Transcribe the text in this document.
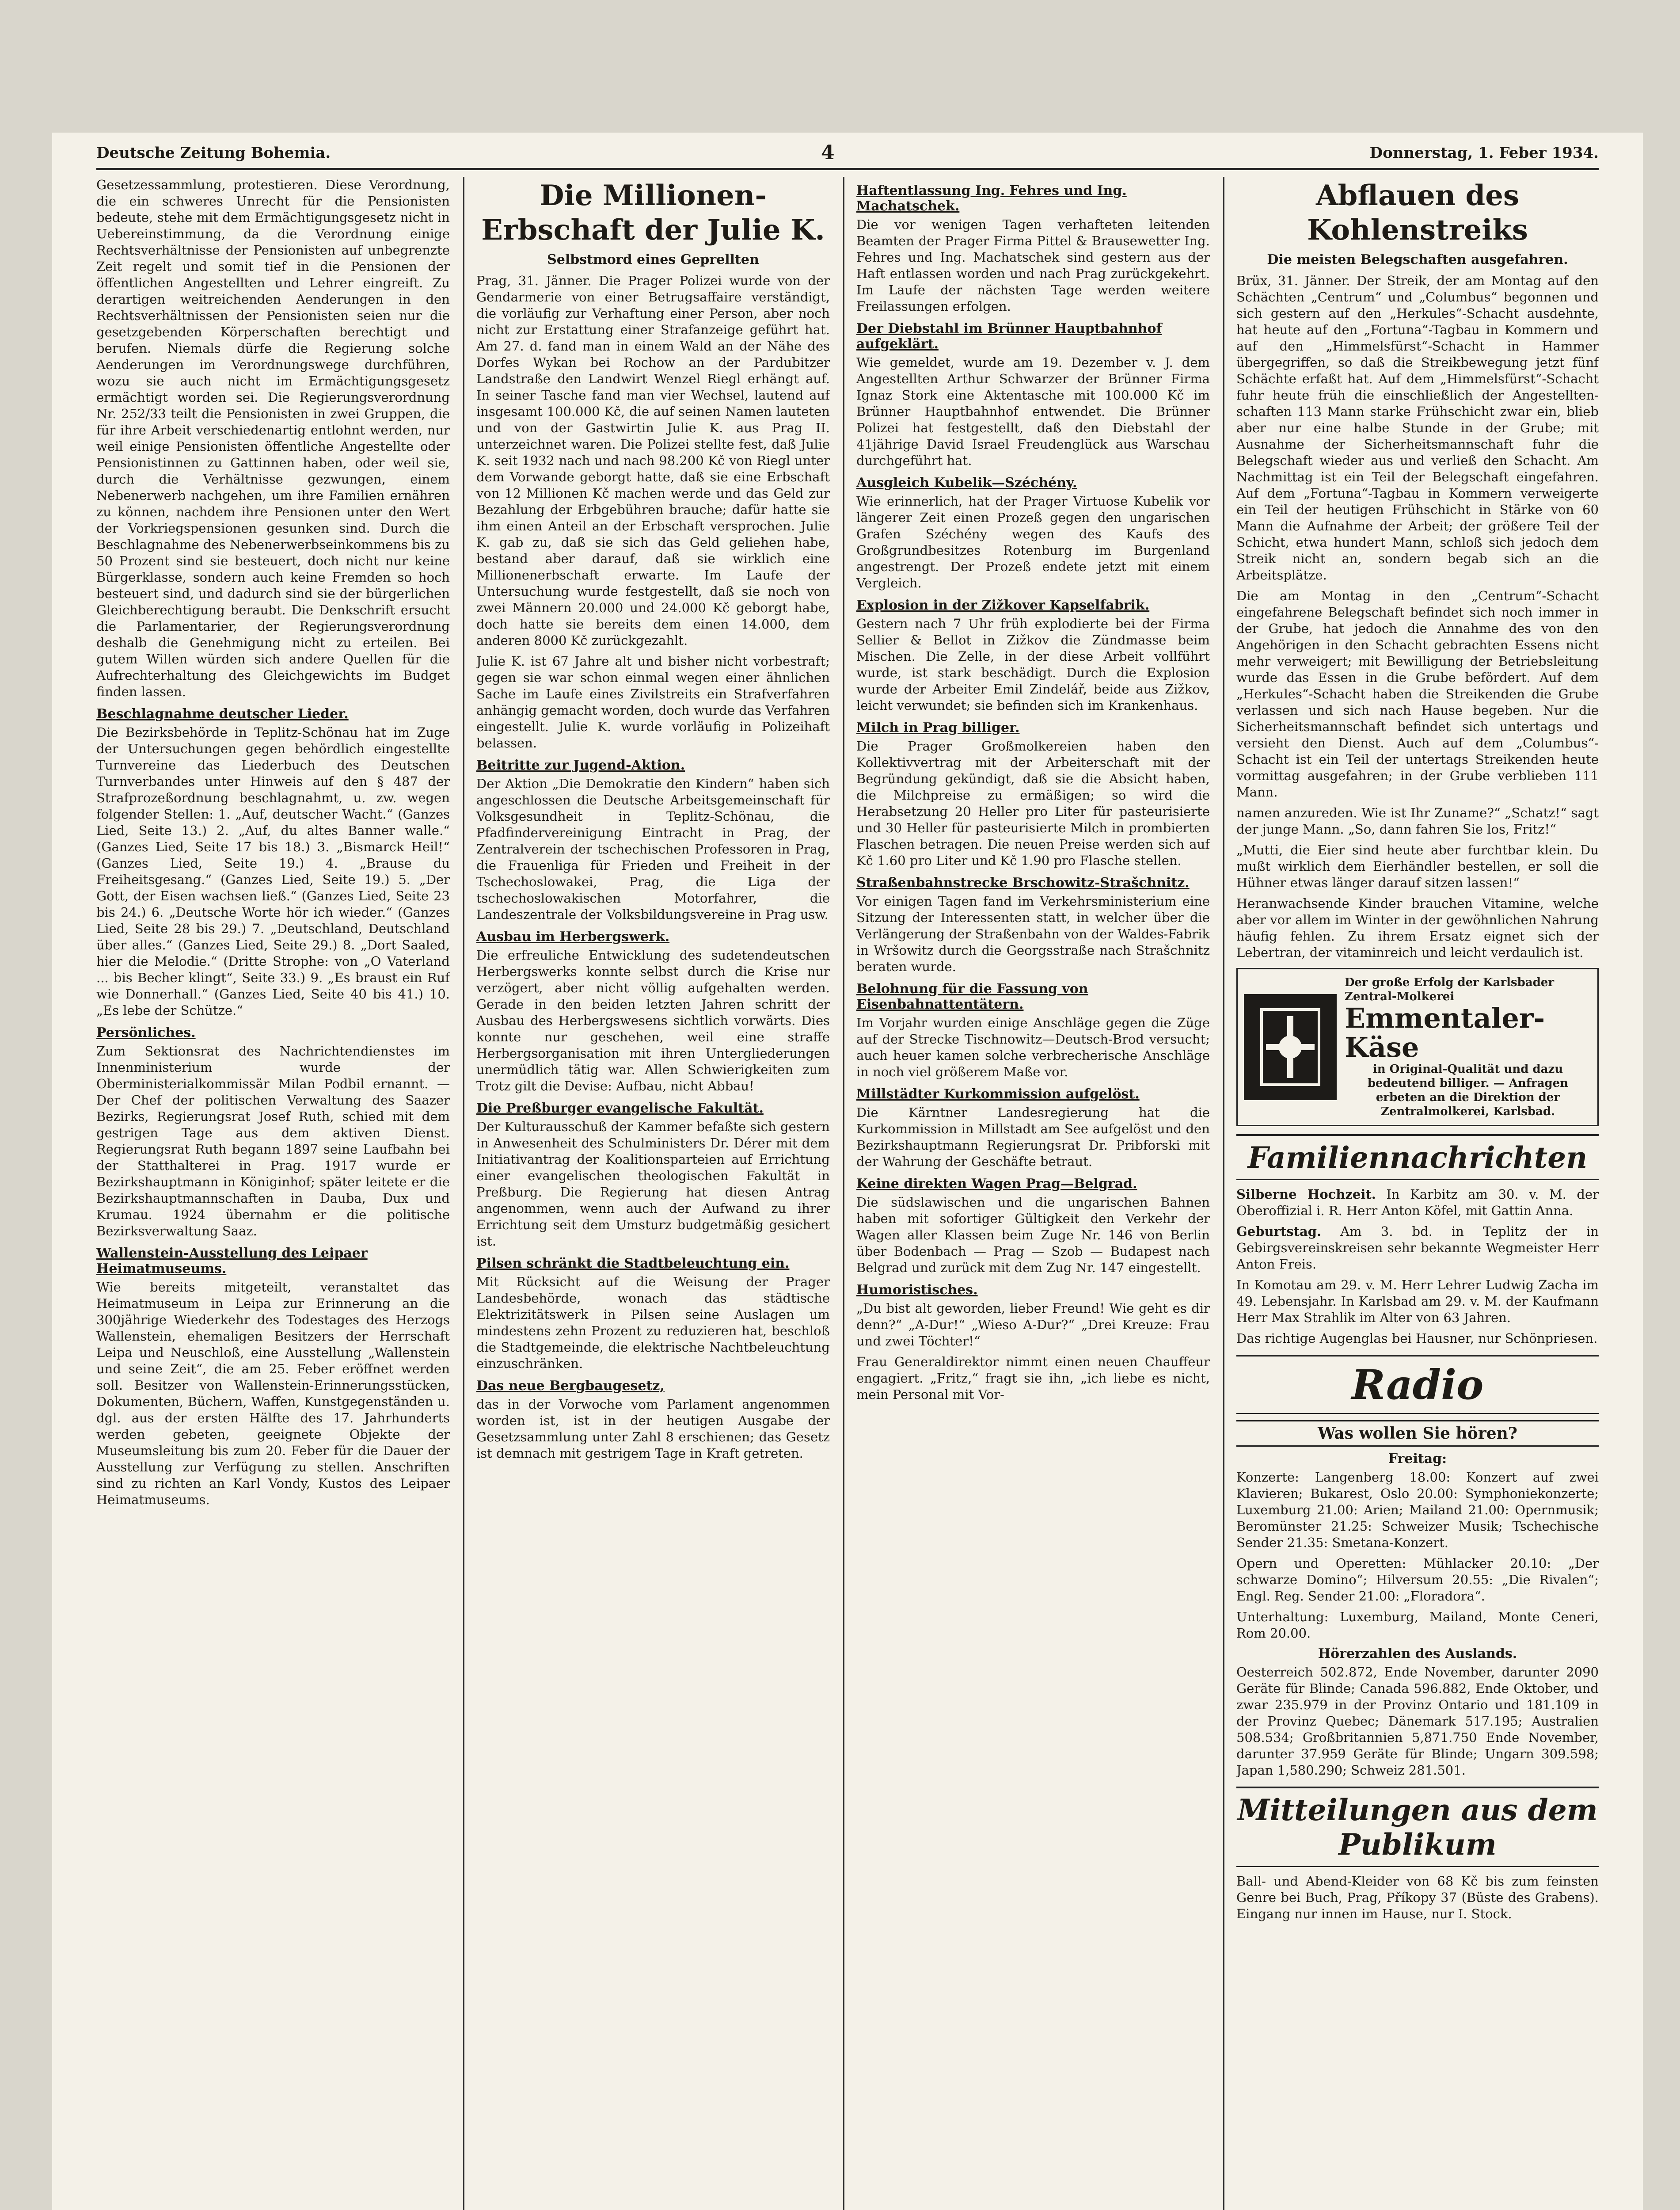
Deutsche Zeitung Bohemia.	4	Donnerstag, 1. Feber 1934.

Gesetzessammlung, protestieren. Diese Verordnung, die ein schweres Unrecht für die Pensionisten bedeute, stehe mit dem Ermächtigungsgesetz nicht in Uebereinstimmung, da die Verordnung einige Rechtsverhältnisse der Pensionisten auf unbegrenzte Zeit regelt und somit tief in die Pensionen der öffentlichen Angestellten und Lehrer eingreift. Zu derartigen weitreichenden Aenderungen in den Rechtsverhältnissen der Pensionisten seien nur die gesetzgebenden Körperschaften berechtigt und berufen. Niemals dürfe die Regierung solche Aenderungen im Verordnungswege durchführen, wozu sie auch nicht im Ermächtigungsgesetz ermächtigt worden sei. Die Regierungsverordnung Nr. 252/33 teilt die Pensionisten in zwei Gruppen, die für ihre Arbeit verschiedenartig entlohnt werden, nur weil einige Pensionisten öffentliche Angestellte oder Pensionistinnen zu Gattinnen haben, oder weil sie, durch die Verhältnisse gezwungen, einem Nebenerwerb nachgehen, um ihre Familien ernähren zu können, nachdem ihre Pensionen unter den Wert der Vorkriegspensionen gesunken sind. Durch die Beschlagnahme des Nebenerwerbseinkommens bis zu 50 Prozent sind sie besteuert, doch nicht nur keine Bürgerklasse, sondern auch keine Fremden so hoch besteuert sind, und dadurch sind sie der bürgerlichen Gleichberechtigung beraubt. Die Denkschrift ersucht die Parlamentarier, der Regierungsverordnung deshalb die Genehmigung nicht zu erteilen. Bei gutem Willen würden sich andere Quellen für die Aufrechterhaltung des Gleichgewichts im Budget finden lassen.

Beschlagnahme deutscher Lieder.

Die Bezirksbehörde in Teplitz-Schönau hat im Zuge der Untersuchungen gegen behördlich eingestellte Turnvereine das Liederbuch des Deutschen Turnverbandes unter Hinweis auf den § 487 der Strafprozeßordnung beschlagnahmt, u. zw. wegen folgender Stellen: 1. „Auf, deutscher Wacht.“ (Ganzes Lied, Seite 13.) 2. „Auf, du altes Banner walle.“ (Ganzes Lied, Seite 17 bis 18.) 3. „Bismarck Heil!“ (Ganzes Lied, Seite 19.) 4. „Brause du Freiheitsgesang.“ (Ganzes Lied, Seite 19.) 5. „Der Gott, der Eisen wachsen ließ.“ (Ganzes Lied, Seite 23 bis 24.) 6. „Deutsche Worte hör ich wieder.“ (Ganzes Lied, Seite 28 bis 29.) 7. „Deutschland, Deutschland über alles.“ (Ganzes Lied, Seite 29.) 8. „Dort Saaled, hier die Melodie.“ (Dritte Strophe: von „O Vaterland ... bis Becher klingt“, Seite 33.) 9. „Es braust ein Ruf wie Donnerhall.“ (Ganzes Lied, Seite 40 bis 41.) 10. „Es lebe der Schütze.“

Persönliches.

Zum Sektionsrat des Nachrichtendienstes im Innenministerium wurde der Oberministerialkommissär Milan Podbil ernannt. — Der Chef der politischen Verwaltung des Saazer Bezirks, Regierungsrat Josef Ruth, schied mit dem gestrigen Tage aus dem aktiven Dienst. Regierungsrat Ruth begann 1897 seine Laufbahn bei der Statthalterei in Prag. 1917 wurde er Bezirkshauptmann in Königinhof; später leitete er die Bezirkshauptmannschaften in Dauba, Dux und Krumau. 1924 übernahm er die politische Bezirksverwaltung Saaz.

Wallenstein-Ausstellung des Leipaer Heimatmuseums.

Wie bereits mitgeteilt, veranstaltet das Heimatmuseum in Leipa zur Erinnerung an die 300jährige Wiederkehr des Todestages des Herzogs Wallenstein, ehemaligen Besitzers der Herrschaft Leipa und Neuschloß, eine Ausstellung „Wallenstein und seine Zeit“, die am 25. Feber eröffnet werden soll. Besitzer von Wallenstein-Erinnerungsstücken, Dokumenten, Büchern, Waffen, Kunstgegenständen u. dgl. aus der ersten Hälfte des 17. Jahrhunderts werden gebeten, geeignete Objekte der Museumsleitung bis zum 20. Feber für die Dauer der Ausstellung zur Verfügung zu stellen. Anschriften sind zu richten an Karl Vondy, Kustos des Leipaer Heimatmuseums.

Die Millionen-Erbschaft der Julie K.
Selbstmord eines Geprellten

Prag, 31. Jänner. Die Prager Polizei wurde von der Gendarmerie von einer Betrugsaffaire verständigt, die vorläufig zur Verhaftung einer Person, aber noch nicht zur Erstattung einer Strafanzeige geführt hat. Am 27. d. fand man in einem Wald an der Nähe des Dorfes Wykan bei Rochow an der Pardubitzer Landstraße den Landwirt Wenzel Riegl erhängt auf. In seiner Tasche fand man vier Wechsel, lautend auf insgesamt 100.000 Kč, die auf seinen Namen lauteten und von der Gastwirtin Julie K. aus Prag II. unterzeichnet waren. Die Polizei stellte fest, daß Julie K. seit 1932 nach und nach 98.200 Kč von Riegl unter dem Vorwande geborgt hatte, daß sie eine Erbschaft von 12 Millionen Kč machen werde und das Geld zur Bezahlung der Erbgebühren brauche; dafür hatte sie ihm einen Anteil an der Erbschaft versprochen. Julie K. gab zu, daß sie sich das Geld geliehen habe, bestand aber darauf, daß sie wirklich eine Millionenerbschaft erwarte. Im Laufe der Untersuchung wurde festgestellt, daß sie noch von zwei Männern 20.000 und 24.000 Kč geborgt habe, doch hatte sie bereits dem einen 14.000, dem anderen 8000 Kč zurückgezahlt.

Julie K. ist 67 Jahre alt und bisher nicht vorbestraft; gegen sie war schon einmal wegen einer ähnlichen Sache im Laufe eines Zivilstreits ein Strafverfahren anhängig gemacht worden, doch wurde das Verfahren eingestellt. Julie K. wurde vorläufig in Polizeihaft belassen.

Beitritte zur Jugend-Aktion.

Der Aktion „Die Demokratie den Kindern“ haben sich angeschlossen die Deutsche Arbeitsgemeinschaft für Volksgesundheit in Teplitz-Schönau, die Pfadfindervereinigung Eintracht in Prag, der Zentralverein der tschechischen Professoren in Prag, die Frauenliga für Frieden und Freiheit in der Tschechoslowakei, Prag, die Liga der tschechoslowakischen Motorfahrer, die Landeszentrale der Volksbildungsvereine in Prag usw.

Ausbau im Herbergswerk.

Die erfreuliche Entwicklung des sudetendeutschen Herbergswerks konnte selbst durch die Krise nur verzögert, aber nicht völlig aufgehalten werden. Gerade in den beiden letzten Jahren schritt der Ausbau des Herbergswesens sichtlich vorwärts. Dies konnte nur geschehen, weil eine straffe Herbergsorganisation mit ihren Untergliederungen unermüdlich tätig war. Allen Schwierigkeiten zum Trotz gilt die Devise: Aufbau, nicht Abbau!

Die Preßburger evangelische Fakultät.

Der Kulturausschuß der Kammer befaßte sich gestern in Anwesenheit des Schulministers Dr. Dérer mit dem Initiativantrag der Koalitionsparteien auf Errichtung einer evangelischen theologischen Fakultät in Preßburg. Die Regierung hat diesen Antrag angenommen, wenn auch der Aufwand zu ihrer Errichtung seit dem Umsturz budgetmäßig gesichert ist.

Pilsen schränkt die Stadtbeleuchtung ein.

Mit Rücksicht auf die Weisung der Prager Landesbehörde, wonach das städtische Elektrizitätswerk in Pilsen seine Auslagen um mindestens zehn Prozent zu reduzieren hat, beschloß die Stadtgemeinde, die elektrische Nachtbeleuchtung einzuschränken.

Das neue Bergbaugesetz,

das in der Vorwoche vom Parlament angenommen worden ist, ist in der heutigen Ausgabe der Gesetzsammlung unter Zahl 8 erschienen; das Gesetz ist demnach mit gestrigem Tage in Kraft getreten.

Haftentlassung Ing. Fehres und Ing. Machatschek.

Die vor wenigen Tagen verhafteten leitenden Beamten der Prager Firma Pittel & Brausewetter Ing. Fehres und Ing. Machatschek sind gestern aus der Haft entlassen worden und nach Prag zurückgekehrt. Im Laufe der nächsten Tage werden weitere Freilassungen erfolgen.

Der Diebstahl im Brünner Hauptbahnhof aufgeklärt.

Wie gemeldet, wurde am 19. Dezember v. J. dem Angestellten Arthur Schwarzer der Brünner Firma Ignaz Stork eine Aktentasche mit 100.000 Kč im Brünner Hauptbahnhof entwendet. Die Brünner Polizei hat festgestellt, daß den Diebstahl der 41jährige David Israel Freudenglück aus Warschau durchgeführt hat.

Ausgleich Kubelik—Széchény.

Wie erinnerlich, hat der Prager Virtuose Kubelik vor längerer Zeit einen Prozeß gegen den ungarischen Grafen Széchény wegen des Kaufs des Großgrundbesitzes Rotenburg im Burgenland angestrengt. Der Prozeß endete jetzt mit einem Vergleich.

Explosion in der Zižkover Kapselfabrik.

Gestern nach 7 Uhr früh explodierte bei der Firma Sellier & Bellot in Zižkov die Zündmasse beim Mischen. Die Zelle, in der diese Arbeit vollführt wurde, ist stark beschädigt. Durch die Explosion wurde der Arbeiter Emil Zindelář, beide aus Zižkov, leicht verwundet; sie befinden sich im Krankenhaus.

Milch in Prag billiger.

Die Prager Großmolkereien haben den Kollektivvertrag mit der Arbeiterschaft mit der Begründung gekündigt, daß sie die Absicht haben, die Milchpreise zu ermäßigen; so wird die Herabsetzung 20 Heller pro Liter für pasteurisierte und 30 Heller für pasteurisierte Milch in prombierten Flaschen betragen. Die neuen Preise werden sich auf Kč 1.60 pro Liter und Kč 1.90 pro Flasche stellen.

Straßenbahnstrecke Brschowitz-Strašchnitz.

Vor einigen Tagen fand im Verkehrsministerium eine Sitzung der Interessenten statt, in welcher über die Verlängerung der Straßenbahn von der Waldes-Fabrik in Wršowitz durch die Georgsstraße nach Strašchnitz beraten wurde.

Belohnung für die Fassung von Eisenbahnattentätern.

Im Vorjahr wurden einige Anschläge gegen die Züge auf der Strecke Tischnowitz—Deutsch-Brod versucht; auch heuer kamen solche verbrecherische Anschläge in noch viel größerem Maße vor.

Millstädter Kurkommission aufgelöst.

Die Kärntner Landesregierung hat die Kurkommission in Millstadt am See aufgelöst und den Bezirkshauptmann Regierungsrat Dr. Pribforski mit der Wahrung der Geschäfte betraut.

Keine direkten Wagen Prag—Belgrad.

Die südslawischen und die ungarischen Bahnen haben mit sofortiger Gültigkeit den Verkehr der Wagen aller Klassen beim Zuge Nr. 146 von Berlin über Bodenbach — Prag — Szob — Budapest nach Belgrad und zurück mit dem Zug Nr. 147 eingestellt.

Humoristisches.

„Du bist alt geworden, lieber Freund! Wie geht es dir denn?“ „A-Dur!“ „Wieso A-Dur?“ „Drei Kreuze: Frau und zwei Töchter!“

Frau Generaldirektor nimmt einen neuen Chauffeur engagiert. „Fritz,“ fragt sie ihn, „ich liebe es nicht, mein Personal mit Vor-

Abflauen des Kohlenstreiks
Die meisten Belegschaften ausgefahren.

Brüx, 31. Jänner. Der Streik, der am Montag auf den Schächten „Centrum“ und „Columbus“ begonnen und sich gestern auf den „Herkules“-Schacht ausdehnte, hat heute auf den „Fortuna“-Tagbau in Kommern und auf den „Himmelsfürst“-Schacht in Hammer übergegriffen, so daß die Streikbewegung jetzt fünf Schächte erfaßt hat. Auf dem „Himmelsfürst“-Schacht fuhr heute früh die einschließlich der Angestelltenschaften 113 Mann starke Frühschicht zwar ein, blieb aber nur eine halbe Stunde in der Grube; mit Ausnahme der Sicherheitsmannschaft fuhr die Belegschaft wieder aus und verließ den Schacht. Am Nachmittag ist ein Teil der Belegschaft eingefahren. Auf dem „Fortuna“-Tagbau in Kommern verweigerte ein Teil der heutigen Frühschicht in Stärke von 60 Mann die Aufnahme der Arbeit; der größere Teil der Schicht, etwa hundert Mann, schloß sich jedoch dem Streik nicht an, sondern begab sich an die Arbeitsplätze.

Die am Montag in den „Centrum“-Schacht eingefahrene Belegschaft befindet sich noch immer in der Grube, hat jedoch die Annahme des von den Angehörigen in den Schacht gebrachten Essens nicht mehr verweigert; mit Bewilligung der Betriebsleitung wurde das Essen in die Grube befördert. Auf dem „Herkules“-Schacht haben die Streikenden die Grube verlassen und sich nach Hause begeben. Nur die Sicherheitsmannschaft befindet sich untertags und versieht den Dienst. Auch auf dem „Columbus“-Schacht ist ein Teil der untertags Streikenden heute vormittag ausgefahren; in der Grube verblieben 111 Mann.

namen anzureden. Wie ist Ihr Zuname?“ „Schatz!“ sagt der junge Mann. „So, dann fahren Sie los, Fritz!“

„Mutti, die Eier sind heute aber furchtbar klein. Du mußt wirklich dem Eierhändler bestellen, er soll die Hühner etwas länger darauf sitzen lassen!“

Heranwachsende Kinder brauchen Vitamine, welche aber vor allem im Winter in der gewöhnlichen Nahrung häufig fehlen. Zu ihrem Ersatz eignet sich der Lebertran, der vitaminreich und leicht verdaulich ist.

Der große Erfolg der Karlsbader Zentral-Molkerei
Emmentaler-Käse
in Original-Qualität und dazu bedeutend billiger. — Anfragen erbeten an die Direktion der Zentralmolkerei, Karlsbad.
Familiennachrichten

Silberne Hochzeit. In Karbitz am 30. v. M. der Oberoffizial i. R. Herr Anton Köfel, mit Gattin Anna.

Geburtstag. Am 3. bd. in Teplitz der in Gebirgsvereinskreisen sehr bekannte Wegmeister Herr Anton Freis.

In Komotau am 29. v. M. Herr Lehrer Ludwig Zacha im 49. Lebensjahr. In Karlsbad am 29. v. M. der Kaufmann Herr Max Strahlik im Alter von 63 Jahren.

Das richtige Augenglas bei Hausner, nur Schönpriesen.

Radio
Was wollen Sie hören?
Freitag:

Konzerte: Langenberg 18.00: Konzert auf zwei Klavieren; Bukarest, Oslo 20.00: Symphoniekonzerte; Luxemburg 21.00: Arien; Mailand 21.00: Opernmusik; Beromünster 21.25: Schweizer Musik; Tschechische Sender 21.35: Smetana-Konzert.

Opern und Operetten: Mühlacker 20.10: „Der schwarze Domino“; Hilversum 20.55: „Die Rivalen“; Engl. Reg. Sender 21.00: „Floradora“.

Unterhaltung: Luxemburg, Mailand, Monte Ceneri, Rom 20.00.

Hörerzahlen des Auslands.

Oesterreich 502.872, Ende November, darunter 2090 Geräte für Blinde; Canada 596.882, Ende Oktober, und zwar 235.979 in der Provinz Ontario und 181.109 in der Provinz Quebec; Dänemark 517.195; Australien 508.534; Großbritannien 5,871.750 Ende November, darunter 37.959 Geräte für Blinde; Ungarn 309.598; Japan 1,580.290; Schweiz 281.501.

Mitteilungen aus dem Publikum

Ball- und Abend-Kleider von 68 Kč bis zum feinsten Genre bei Buch, Prag, Příkopy 37 (Büste des Grabens). Eingang nur innen im Hause, nur I. Stock.
